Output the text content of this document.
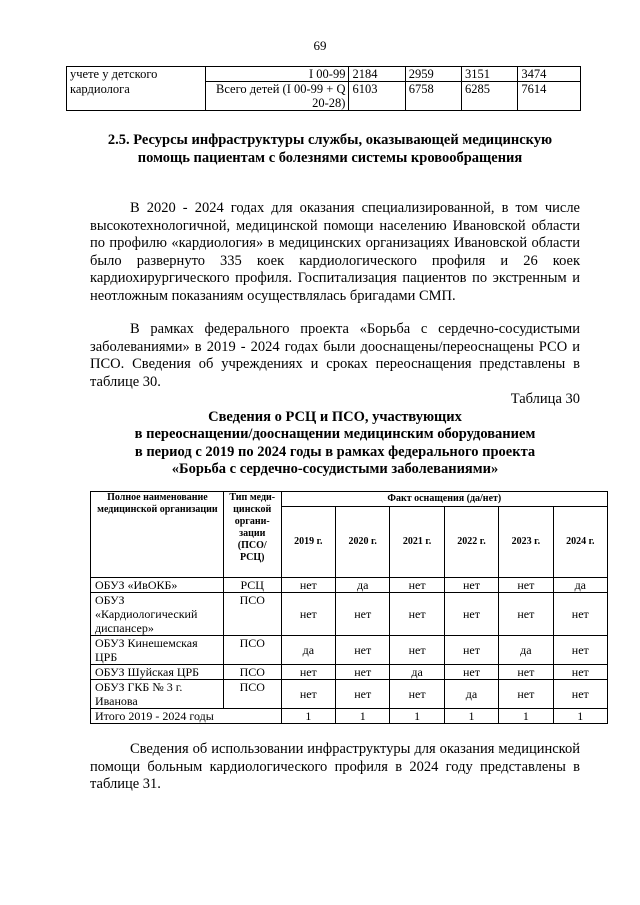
69
учете у детского	I 00-99	2184	2959	3151	3474
кардиолога	Всего детей (I 00-99 + Q 20-28)	6103	6758	6285	7614
2.5. Ресурсы инфраструктуры службы, оказывающей медицинскую помощь пациентам с болезнями системы кровообращения
В 2020 - 2024 годах для оказания специализированной, в том числе высокотехнологичной, медицинской помощи населению Ивановской области по профилю «кардиология» в медицинских организациях Ивановской области было развернуто 335 коек кардиологического профиля и 26 коек кардиохирургического профиля. Госпитализация пациентов по экстренным и неотложным показаниям осуществлялась бригадами СМП.
В рамках федерального проекта «Борьба с сердечно-сосудистыми заболеваниями» в 2019 - 2024 годах были дооснащены/переоснащены РСО и ПСО. Сведения об учреждениях и сроках переоснащения представлены в таблице 30.
Таблица 30
Сведения о РСЦ и ПСО, участвующих
в переоснащении/дооснащении медицинским оборудованием
в период с 2019 по 2024 годы в рамках федерального проекта
«Борьба с сердечно-сосудистыми заболеваниями»
Полное наименование медицинской организации	Тип меди-цинской органи-зации (ПСО/ РСЦ)	Факт оснащения (да/нет)					
		2019 г.	2020 г.	2021 г.	2022 г.	2023 г.	2024 г.
ОБУЗ «ИвОКБ»	РСЦ	нет	да	нет	нет	нет	да
ОБУЗ «Кардиологический диспансер»	ПСО	нет	нет	нет	нет	нет	нет
ОБУЗ Кинешемская ЦРБ	ПСО	да	нет	нет	нет	да	нет
ОБУЗ Шуйская ЦРБ	ПСО	нет	нет	да	нет	нет	нет
ОБУЗ ГКБ № 3 г. Иванова	ПСО	нет	нет	нет	да	нет	нет
Итого 2019 - 2024 годы		1	1	1	1	1	1
Сведения об использовании инфраструктуры для оказания медицинской помощи больным кардиологического профиля в 2024 году представлены в таблице 31.
